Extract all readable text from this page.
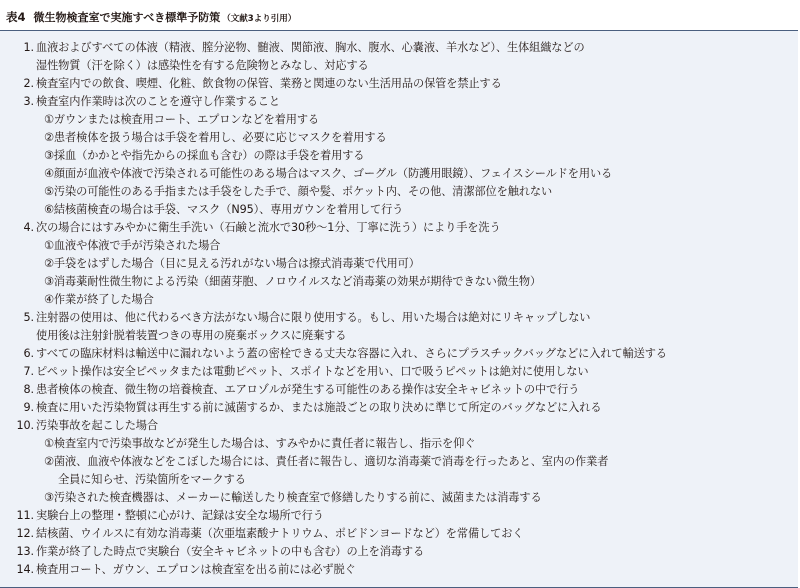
表4 微生物検査室で実施すべき標準予防策 （文献3より引用）
1. 血液およびすべての体液（精液、膣分泌物、髄液、関節液、胸水、腹水、心嚢液、羊水など）、生体組織などの
湿性物質（汗を除く）は感染性を有する危険物とみなし、対応する
2. 検査室内での飲食、喫煙、化粧、飲食物の保管、業務と関連のない生活用品の保管を禁止する
3. 検査室内作業時は次のことを遵守し作業すること
①ガウンまたは検査用コート、エプロンなどを着用する
②患者検体を扱う場合は手袋を着用し、必要に応じマスクを着用する
③採血（かかとや指先からの採血も含む）の際は手袋を着用する
④顔面が血液や体液で汚染される可能性のある場合はマスク、ゴーグル（防護用眼鏡）、フェイスシールドを用いる
⑤汚染の可能性のある手指または手袋をした手で、顔や髪、ポケット内、その他、清潔部位を触れない
⑥結核菌検査の場合は手袋、マスク（N95）、専用ガウンを着用して行う
4. 次の場合にはすみやかに衛生手洗い（石鹸と流水で30秒〜1分、丁寧に洗う）により手を洗う
①血液や体液で手が汚染された場合
②手袋をはずした場合（目に見える汚れがない場合は擦式消毒薬で代用可）
③消毒薬耐性微生物による汚染（細菌芽胞、ノロウイルスなど消毒薬の効果が期待できない微生物）
④作業が終了した場合
5. 注射器の使用は、他に代わるべき方法がない場合に限り使用する。もし、用いた場合は絶対にリキャップしない
使用後は注射針脱着装置つきの専用の廃棄ボックスに廃棄する
6. すべての臨床材料は輸送中に漏れないよう蓋の密栓できる丈夫な容器に入れ、さらにプラスチックバッグなどに入れて輸送する
7. ピペット操作は安全ピペッタまたは電動ピペット、スポイトなどを用い、口で吸うピペットは絶対に使用しない
8. 患者検体の検査、微生物の培養検査、エアロゾルが発生する可能性のある操作は安全キャビネットの中で行う
9. 検査に用いた汚染物質は再生する前に滅菌するか、または施設ごとの取り決めに準じて所定のバッグなどに入れる
10. 汚染事故を起こした場合
①検査室内で汚染事故などが発生した場合は、すみやかに責任者に報告し、指示を仰ぐ
②菌液、血液や体液などをこぼした場合には、責任者に報告し、適切な消毒薬で消毒を行ったあと、室内の作業者
全員に知らせ、汚染箇所をマークする
③汚染された検査機器は、メーカーに輸送したり検査室で修繕したりする前に、滅菌または消毒する
11. 実験台上の整理・整頓に心がけ、記録は安全な場所で行う
12. 結核菌、ウイルスに有効な消毒薬（次亜塩素酸ナトリウム、ポビドンヨードなど）を常備しておく
13. 作業が終了した時点で実験台（安全キャビネットの中も含む）の上を消毒する
14. 検査用コート、ガウン、エプロンは検査室を出る前には必ず脱ぐ
